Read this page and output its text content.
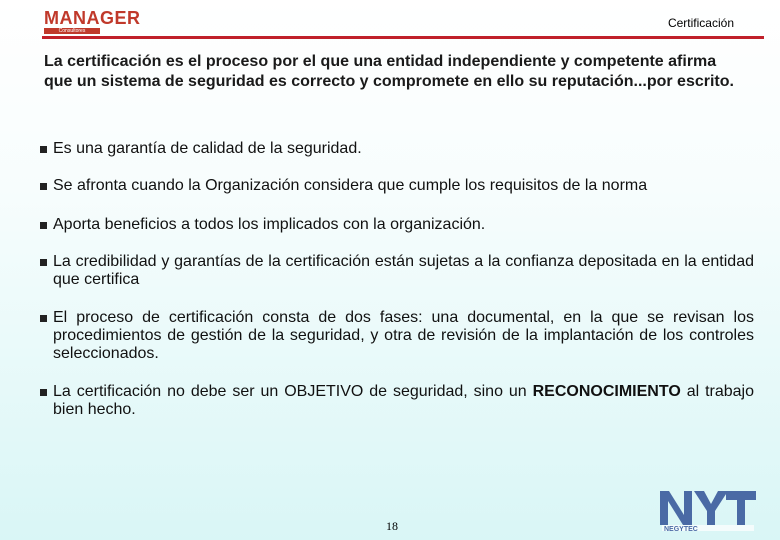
MANAGER
Consultores
Certificación
La certificación es el proceso por el que una entidad independiente y competente afirma que un sistema de seguridad es correcto y compromete en ello su reputación...por escrito.
Es una garantía de calidad de la seguridad.
Se afronta cuando la Organización considera que cumple los requisitos de la norma
Aporta beneficios a todos los implicados con la organización.
La credibilidad y garantías de la certificación están sujetas a la confianza depositada en la entidad que certifica
El proceso de certificación consta de dos fases: una documental, en la que se revisan los procedimientos de gestión de la seguridad, y otra de revisión de la implantación de los controles seleccionados.
La certificación no debe ser un OBJETIVO de seguridad, sino un RECONOCIMIENTO al trabajo bien hecho.
18	NEGYTEC
